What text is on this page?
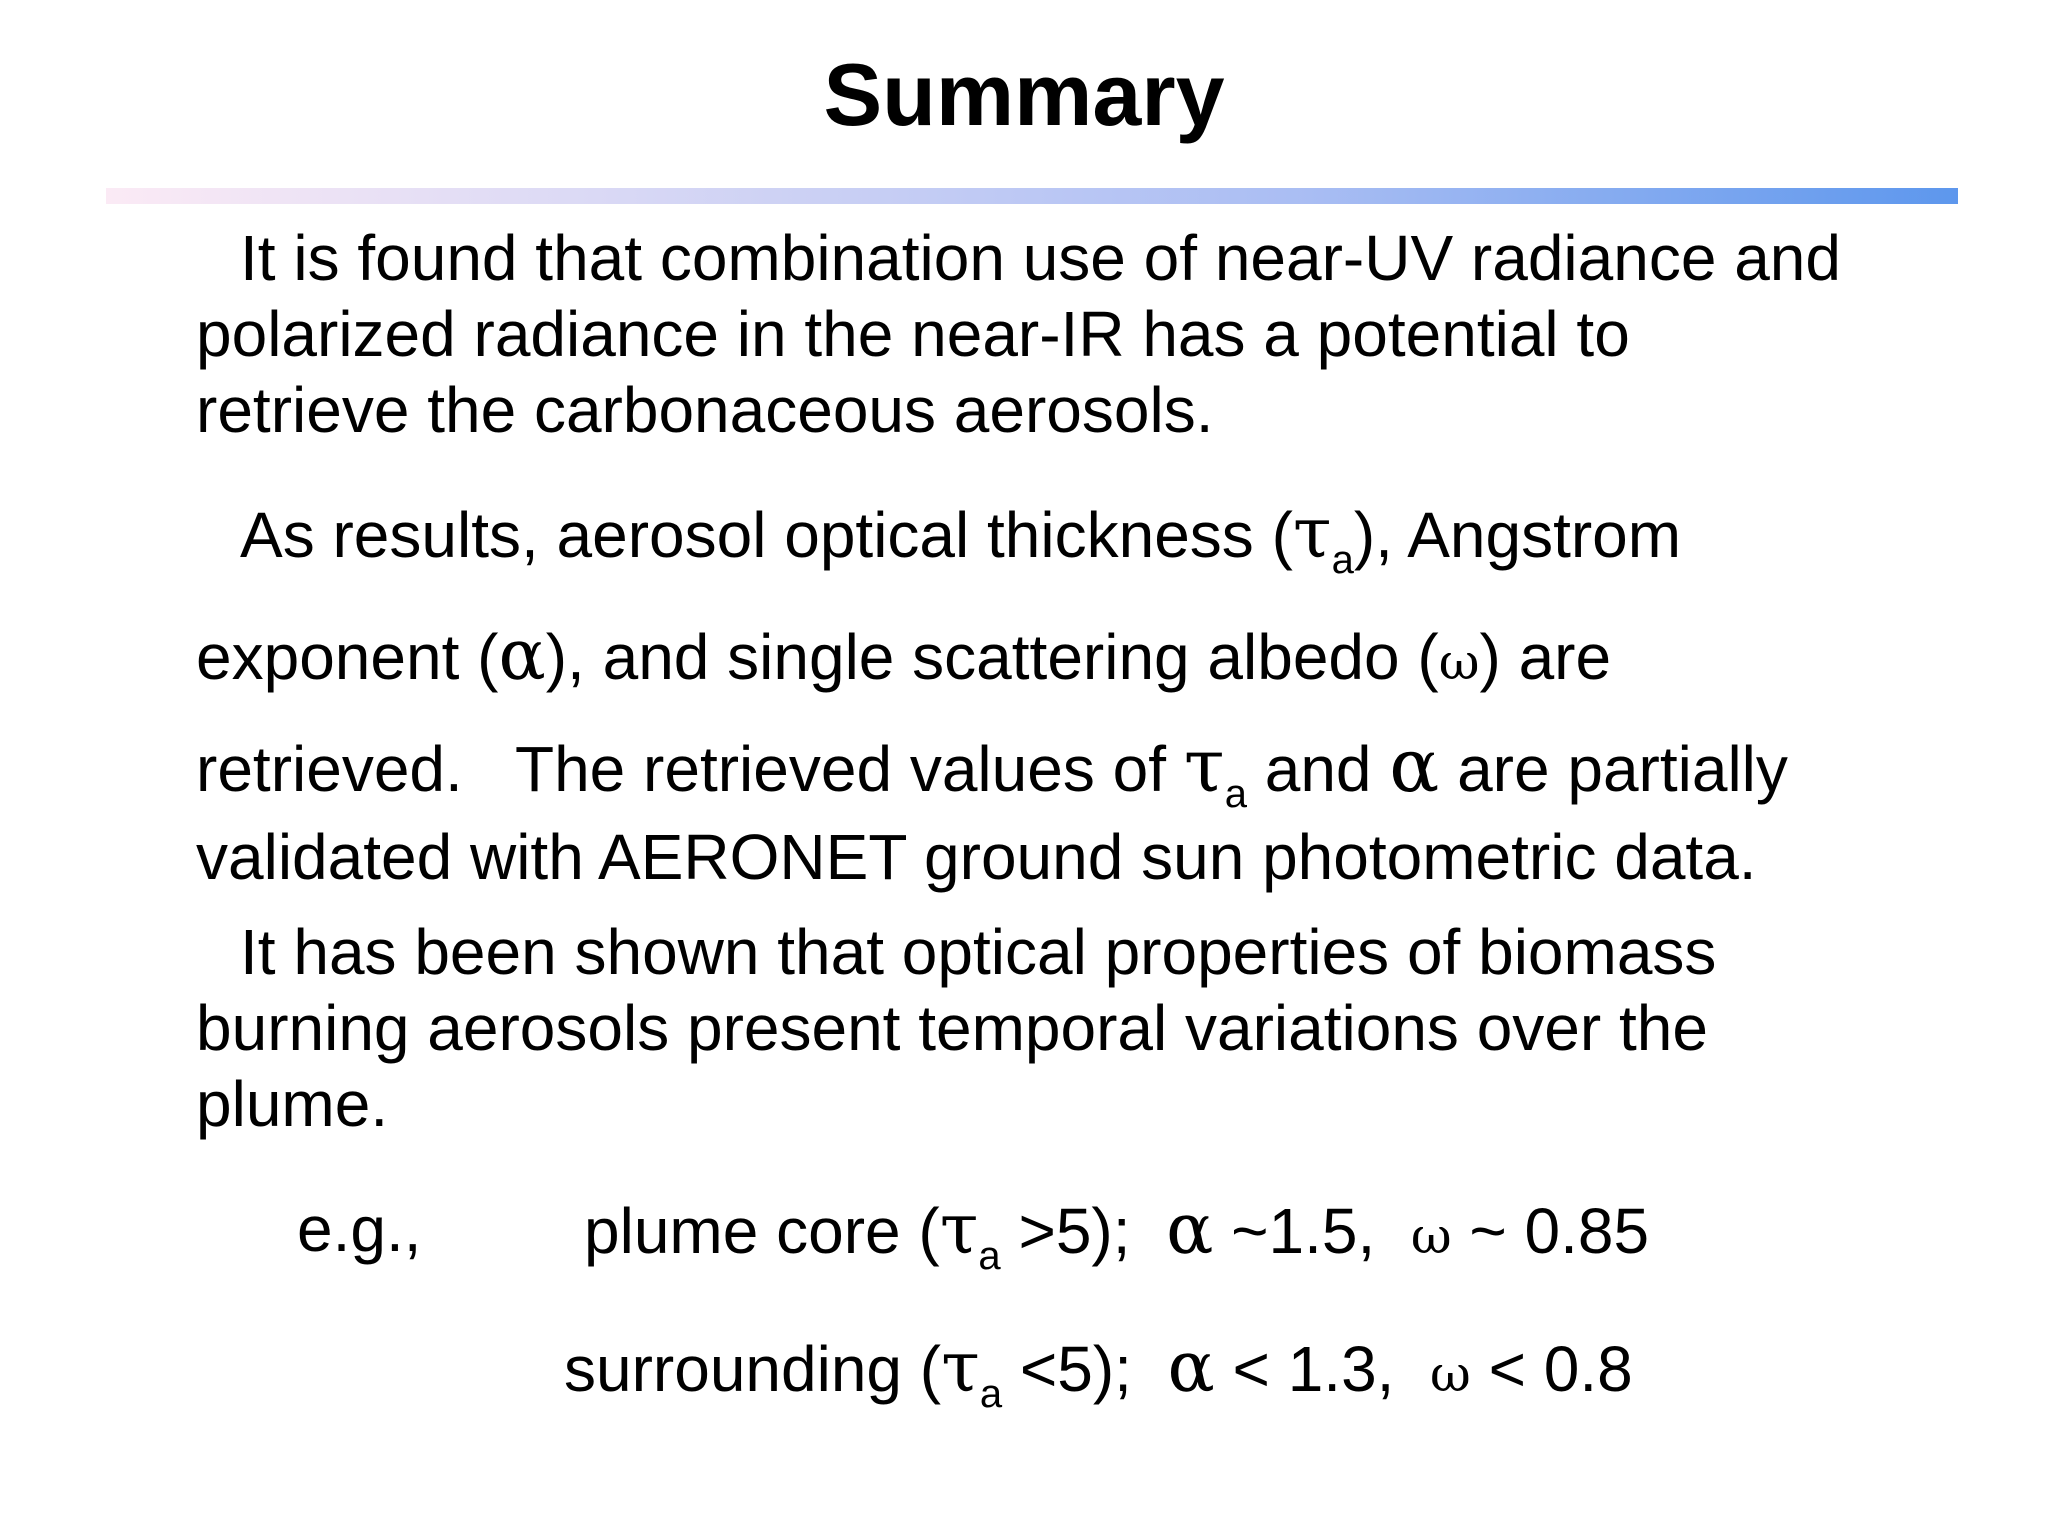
Summary
It is found that combination use of near-UV radiance and
polarized radiance in the near-IR has a potential to
retrieve the carbonaceous aerosols.
As results, aerosol optical thickness $(\tau_a)$, Angstrom
exponent (α), and single scattering albedo (ω) are
retrieved.   The retrieved values of $\tau_a$ and α are partially
validated with AERONET ground sun photometric data.
It has been shown that optical properties of biomass
burning aerosols present temporal variations over the
plume.
e.g.,	plume core $(\tau_a >5)$;  α ~1.5,  ω ~ 0.85
surrounding $(\tau_a <5)$;  α < 1.3,  ω < 0.8
